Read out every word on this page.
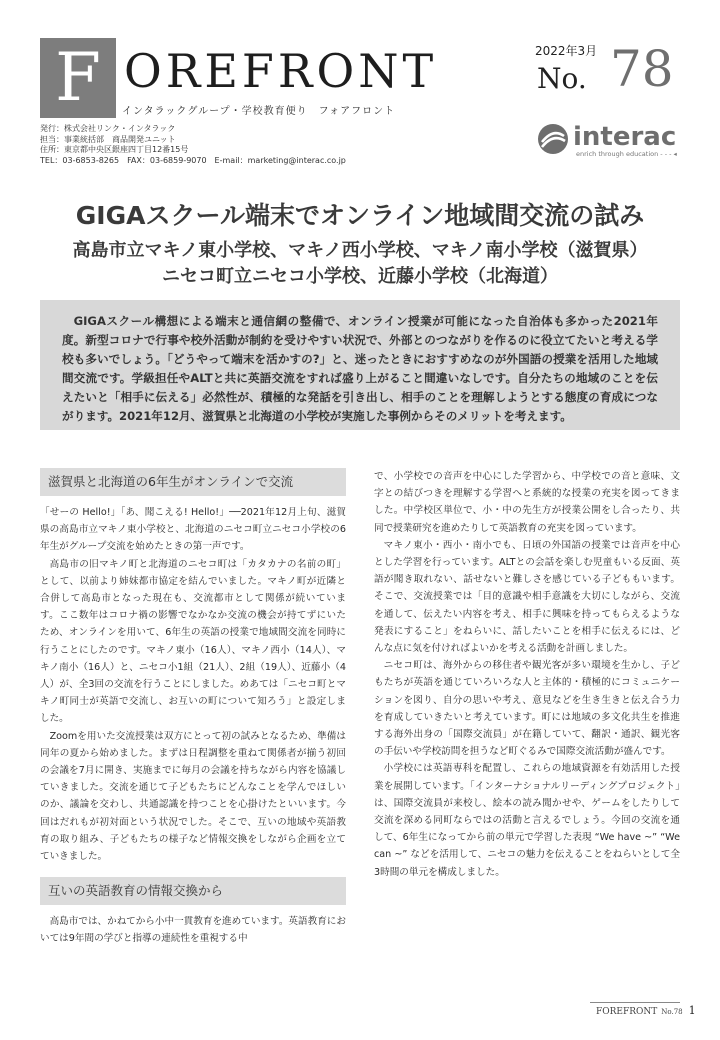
F OREFRONT	2022年3月
No. 78
インタラックグループ・学校教育便り　フォアフロント
発行：株式会社リンク・インタラック
担当：事業統括部　商品開発ユニット
住所：東京都中央区銀座四丁目12番15号
TEL：03-6853-8265　FAX：03-6859-9070　E-mail：marketing@interac.co.jp
interac
enrich through education - - - ◂
GIGAスクール端末でオンライン地域間交流の試み
高島市立マキノ東小学校、マキノ西小学校、マキノ南小学校（滋賀県）
ニセコ町立ニセコ小学校、近藤小学校（北海道）

GIGAスクール構想による端末と通信網の整備で、オンライン授業が可能になった自治体も多かった2021年度。新型コロナで行事や校外活動が制約を受けやすい状況で、外部とのつながりを作るのに役立てたいと考える学校も多いでしょう。「どうやって端末を活かすの?」と、迷ったときにおすすめなのが外国語の授業を活用した地域間交流です。学級担任やALTと共に英語交流をすれば盛り上がること間違いなしです。自分たちの地域のことを伝えたいと「相手に伝える」必然性が、積極的な発話を引き出し、相手のことを理解しようとする態度の育成につながります。2021年12月、滋賀県と北海道の小学校が実施した事例からそのメリットを考えます。

滋賀県と北海道の6年生がオンラインで交流

「せーの Hello!」「あ、聞こえる! Hello!」──2021年12月上旬、滋賀県の高島市立マキノ東小学校と、北海道のニセコ町立ニセコ小学校の6年生がグループ交流を始めたときの第一声です。

高島市の旧マキノ町と北海道のニセコ町は「カタカナの名前の町」として、以前より姉妹都市協定を結んでいました。マキノ町が近隣と合併して高島市となった現在も、交流都市として関係が続いています。ここ数年はコロナ禍の影響でなかなか交流の機会が持てずにいたため、オンラインを用いて、6年生の英語の授業で地域間交流を同時に行うことにしたのです。マキノ東小（16人）、マキノ西小（14人）、マキノ南小（16人）と、ニセコ小1組（21人）、2組（19人）、近藤小（4人）が、全3回の交流を行うことにしました。めあては「ニセコ町とマキノ町同士が英語で交流し、お互いの町について知ろう」と設定しました。

Zoomを用いた交流授業は双方にとって初の試みとなるため、準備は同年の夏から始めました。まずは日程調整を重ねて関係者が揃う初回の会議を7月に開き、実施までに毎月の会議を持ちながら内容を協議していきました。交流を通じて子どもたちにどんなことを学んでほしいのか、議論を交わし、共通認識を持つことを心掛けたといいます。今回はだれもが初対面という状況でした。そこで、互いの地域や英語教育の取り組み、子どもたちの様子など情報交換をしながら企画を立てていきました。

互いの英語教育の情報交換から

高島市では、かねてから小中一貫教育を進めています。英語教育においては9年間の学びと指導の連続性を重視する中

で、小学校での音声を中心にした学習から、中学校での音と意味、文字との結びつきを理解する学習へと系統的な授業の充実を図ってきました。中学校区単位で、小・中の先生方が授業公開をし合ったり、共同で授業研究を進めたりして英語教育の充実を図っています。

マキノ東小・西小・南小でも、日頃の外国語の授業では音声を中心とした学習を行っています。ALTとの会話を楽しむ児童もいる反面、英語が聞き取れない、話せないと難しさを感じている子どももいます。そこで、交流授業では「目的意識や相手意識を大切にしながら、交流を通して、伝えたい内容を考え、相手に興味を持ってもらえるような発表にすること」をねらいに、話したいことを相手に伝えるには、どんな点に気を付ければよいかを考える活動を計画しました。

ニセコ町は、海外からの移住者や観光客が多い環境を生かし、子どもたちが英語を通じていろいろな人と主体的・積極的にコミュニケーションを図り、自分の思いや考え、意見などを生き生きと伝え合う力を育成していきたいと考えています。町には地域の多文化共生を推進する海外出身の「国際交流員」が在籍していて、翻訳・通訳、観光客の手伝いや学校訪問を担うなど町ぐるみで国際交流活動が盛んです。

小学校には英語専科を配置し、これらの地域資源を有効活用した授業を展開しています。「インターナショナルリーディングプロジェクト」は、国際交流員が来校し、絵本の読み聞かせや、ゲームをしたりして交流を深める同町ならではの活動と言えるでしょう。今回の交流を通して、6年生になってから前の単元で学習した表現 “We have ~” “We can ~” などを活用して、ニセコの魅力を伝えることをねらいとして全3時間の単元を構成しました。

FOREFRONT No.78 1
